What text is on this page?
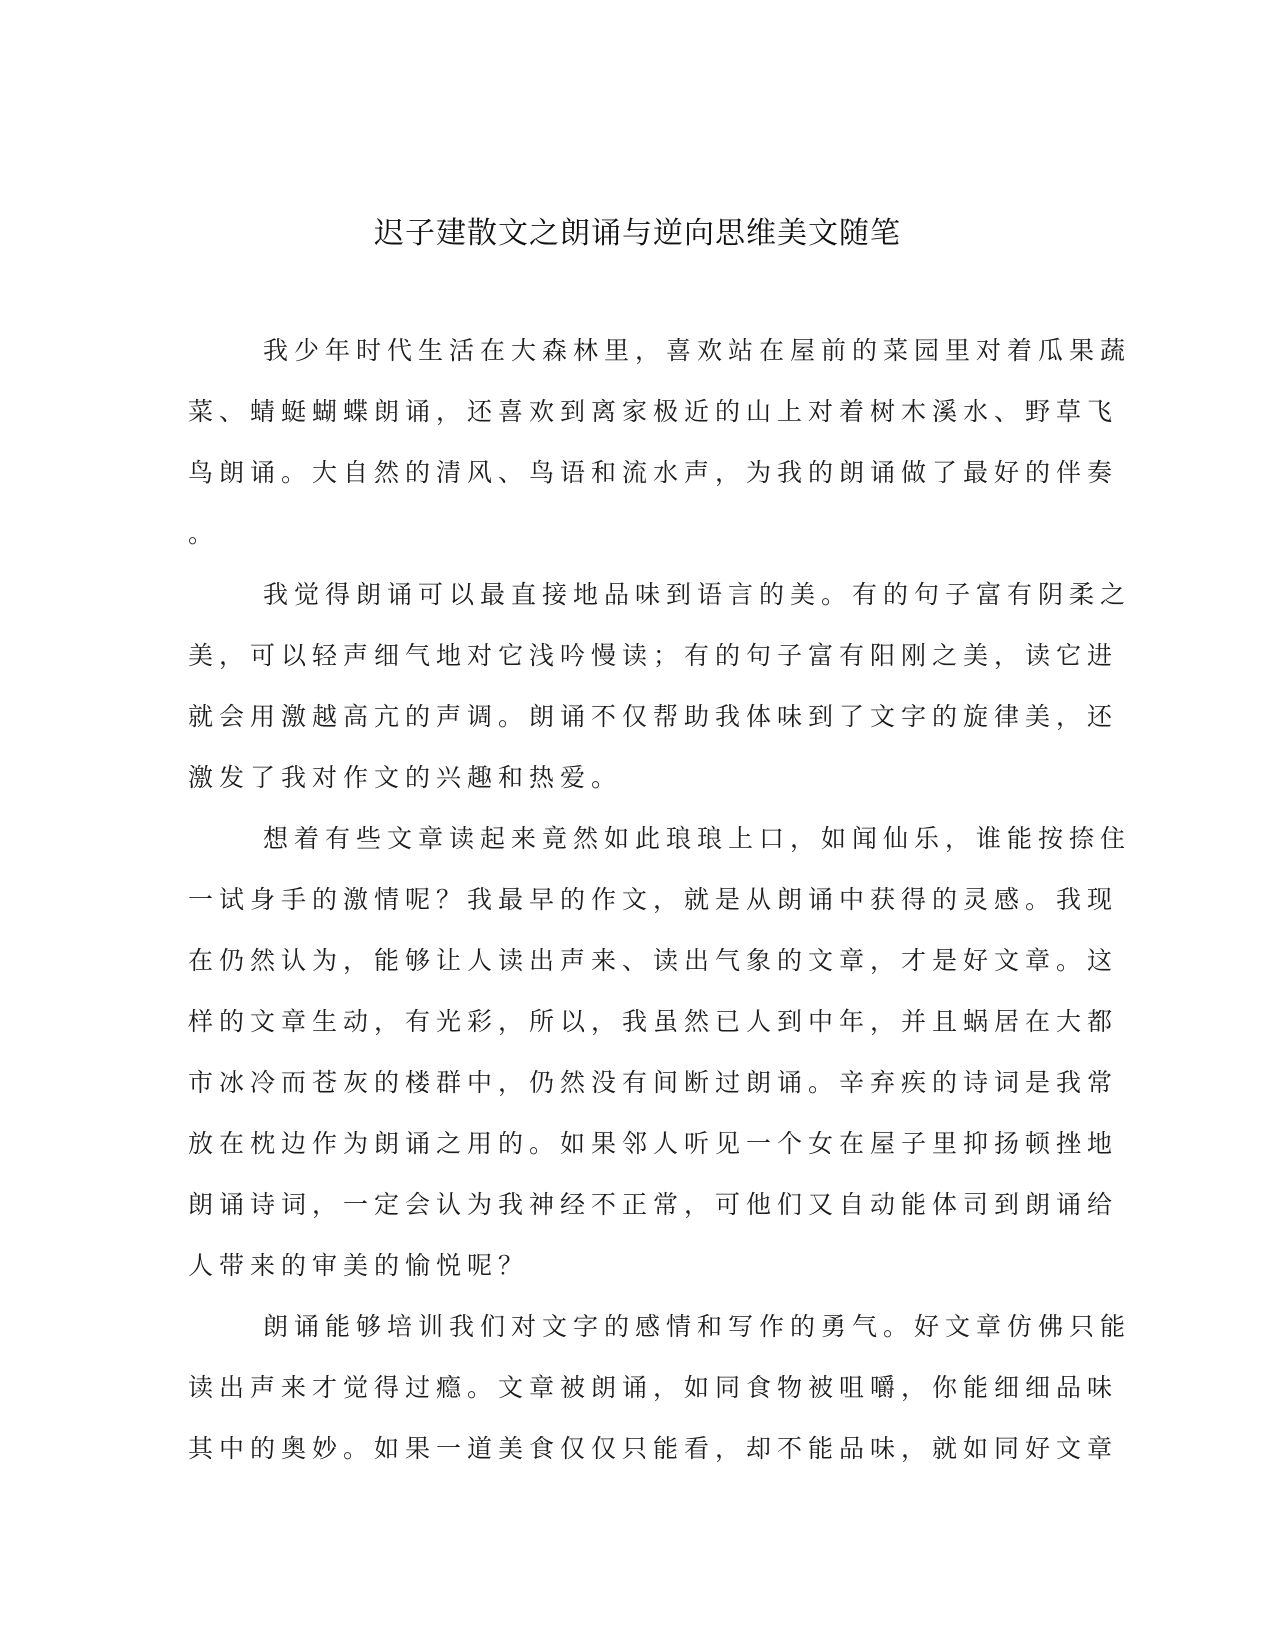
迟子建散文之朗诵与逆向思维美文随笔
我少年时代生活在大森林里，喜欢站在屋前的菜园里对着瓜果蔬
菜、蜻蜓蝴蝶朗诵，还喜欢到离家极近的山上对着树木溪水、野草飞
鸟朗诵。大自然的清风、鸟语和流水声，为我的朗诵做了最好的伴奏
。
我觉得朗诵可以最直接地品味到语言的美。有的句子富有阴柔之
美，可以轻声细气地对它浅吟慢读；有的句子富有阳刚之美，读它进
就会用激越高亢的声调。朗诵不仅帮助我体味到了文字的旋律美，还
激发了我对作文的兴趣和热爱。
想着有些文章读起来竟然如此琅琅上口，如闻仙乐，谁能按捺住
一试身手的激情呢？我最早的作文，就是从朗诵中获得的灵感。我现
在仍然认为，能够让人读出声来、读出气象的文章，才是好文章。这
样的文章生动，有光彩，所以，我虽然已人到中年，并且蜗居在大都
市冰冷而苍灰的楼群中，仍然没有间断过朗诵。辛弃疾的诗词是我常
放在枕边作为朗诵之用的。如果邻人听见一个女在屋子里抑扬顿挫地
朗诵诗词，一定会认为我神经不正常，可他们又自动能体司到朗诵给
人带来的审美的愉悦呢？
朗诵能够培训我们对文字的感情和写作的勇气。好文章仿佛只能
读出声来才觉得过瘾。文章被朗诵，如同食物被咀嚼，你能细细品味
其中的奥妙。如果一道美食仅仅只能看，却不能品味，就如同好文章
